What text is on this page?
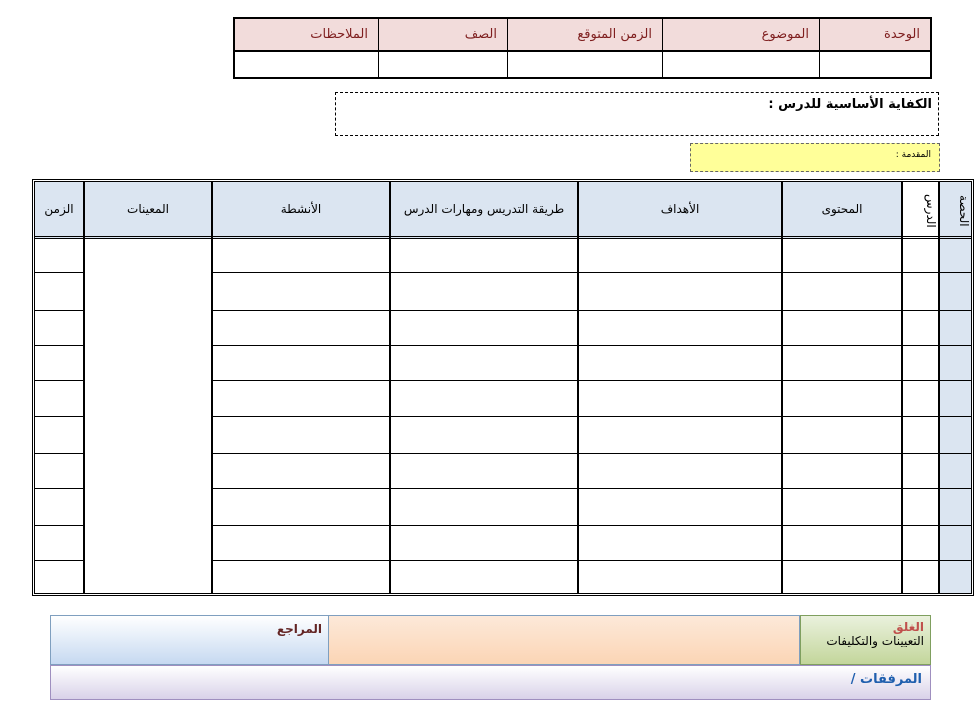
الوحدة
الموضوع
الزمن المتوقع
الصف
الملاحظات
الكفاية الأساسية للدرس :
المقدمة :
الحصة
الدرس
المحتوى
الأهداف
طريقة التدريس ومهارات الدرس
الأنشطة
المعينات
الزمن
الغلق
التعيينات والتكليفات
المراجع
المرفقات /
